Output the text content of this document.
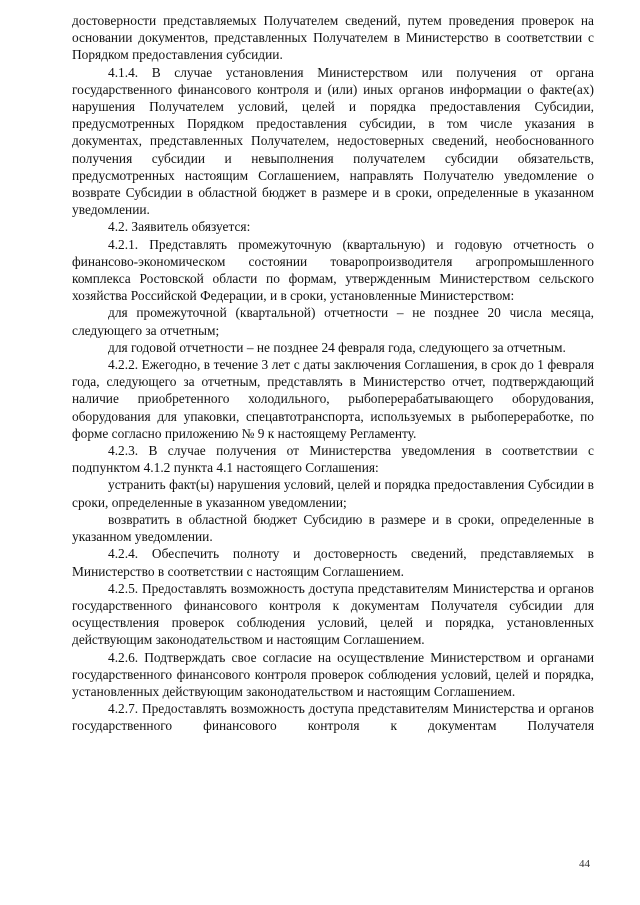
достоверности представляемых Получателем сведений, путем проведения проверок на основании документов, представленных Получателем в Министерство в соответствии с Порядком предоставления субсидии.

4.1.4. В случае установления Министерством или получения от органа государственного финансового контроля и (или) иных органов информации о факте(ах) нарушения Получателем условий, целей и порядка предоставления Субсидии, предусмотренных Порядком предоставления субсидии, в том числе указания в документах, представленных Получателем, недостоверных сведений, необоснованного получения субсидии и невыполнения получателем субсидии обязательств, предусмотренных настоящим Соглашением, направлять Получателю уведомление о возврате Субсидии в областной бюджет в размере и в сроки, определенные в указанном уведомлении.

4.2. Заявитель обязуется:

4.2.1. Представлять промежуточную (квартальную) и годовую отчетность о финансово-экономическом состоянии товаропроизводителя агропромышленного комплекса Ростовской области по формам, утвержденным Министерством сельского хозяйства Российской Федерации, и в сроки, установленные Министерством:

для промежуточной (квартальной) отчетности – не позднее 20 числа месяца, следующего за отчетным;

для годовой отчетности – не позднее 24 февраля года, следующего за отчетным.

4.2.2. Ежегодно, в течение 3 лет с даты заключения Соглашения, в срок до 1 февраля года, следующего за отчетным, представлять в Министерство отчет, подтверждающий наличие приобретенного холодильного, рыбоперерабатывающего оборудования, оборудования для упаковки, спецавтотранспорта, используемых в рыбопереработке, по форме согласно приложению № 9 к настоящему Регламенту.

4.2.3. В случае получения от Министерства уведомления в соответствии с подпунктом 4.1.2 пункта 4.1 настоящего Соглашения:

устранить факт(ы) нарушения условий, целей и порядка предоставления Субсидии в сроки, определенные в указанном уведомлении;

возвратить в областной бюджет Субсидию в размере и в сроки, определенные в указанном уведомлении.

4.2.4. Обеспечить полноту и достоверность сведений, представляемых в Министерство в соответствии с настоящим Соглашением.

4.2.5. Предоставлять возможность доступа представителям Министерства и органов государственного финансового контроля к документам Получателя субсидии для осуществления проверок соблюдения условий, целей и порядка, установленных действующим законодательством и настоящим Соглашением.

4.2.6. Подтверждать свое согласие на осуществление Министерством и органами государственного финансового контроля проверок соблюдения условий, целей и порядка, установленных действующим законодательством и настоящим Соглашением.

4.2.7. Предоставлять возможность доступа представителям Министерства и органов государственного финансового контроля к документам Получателя

44
